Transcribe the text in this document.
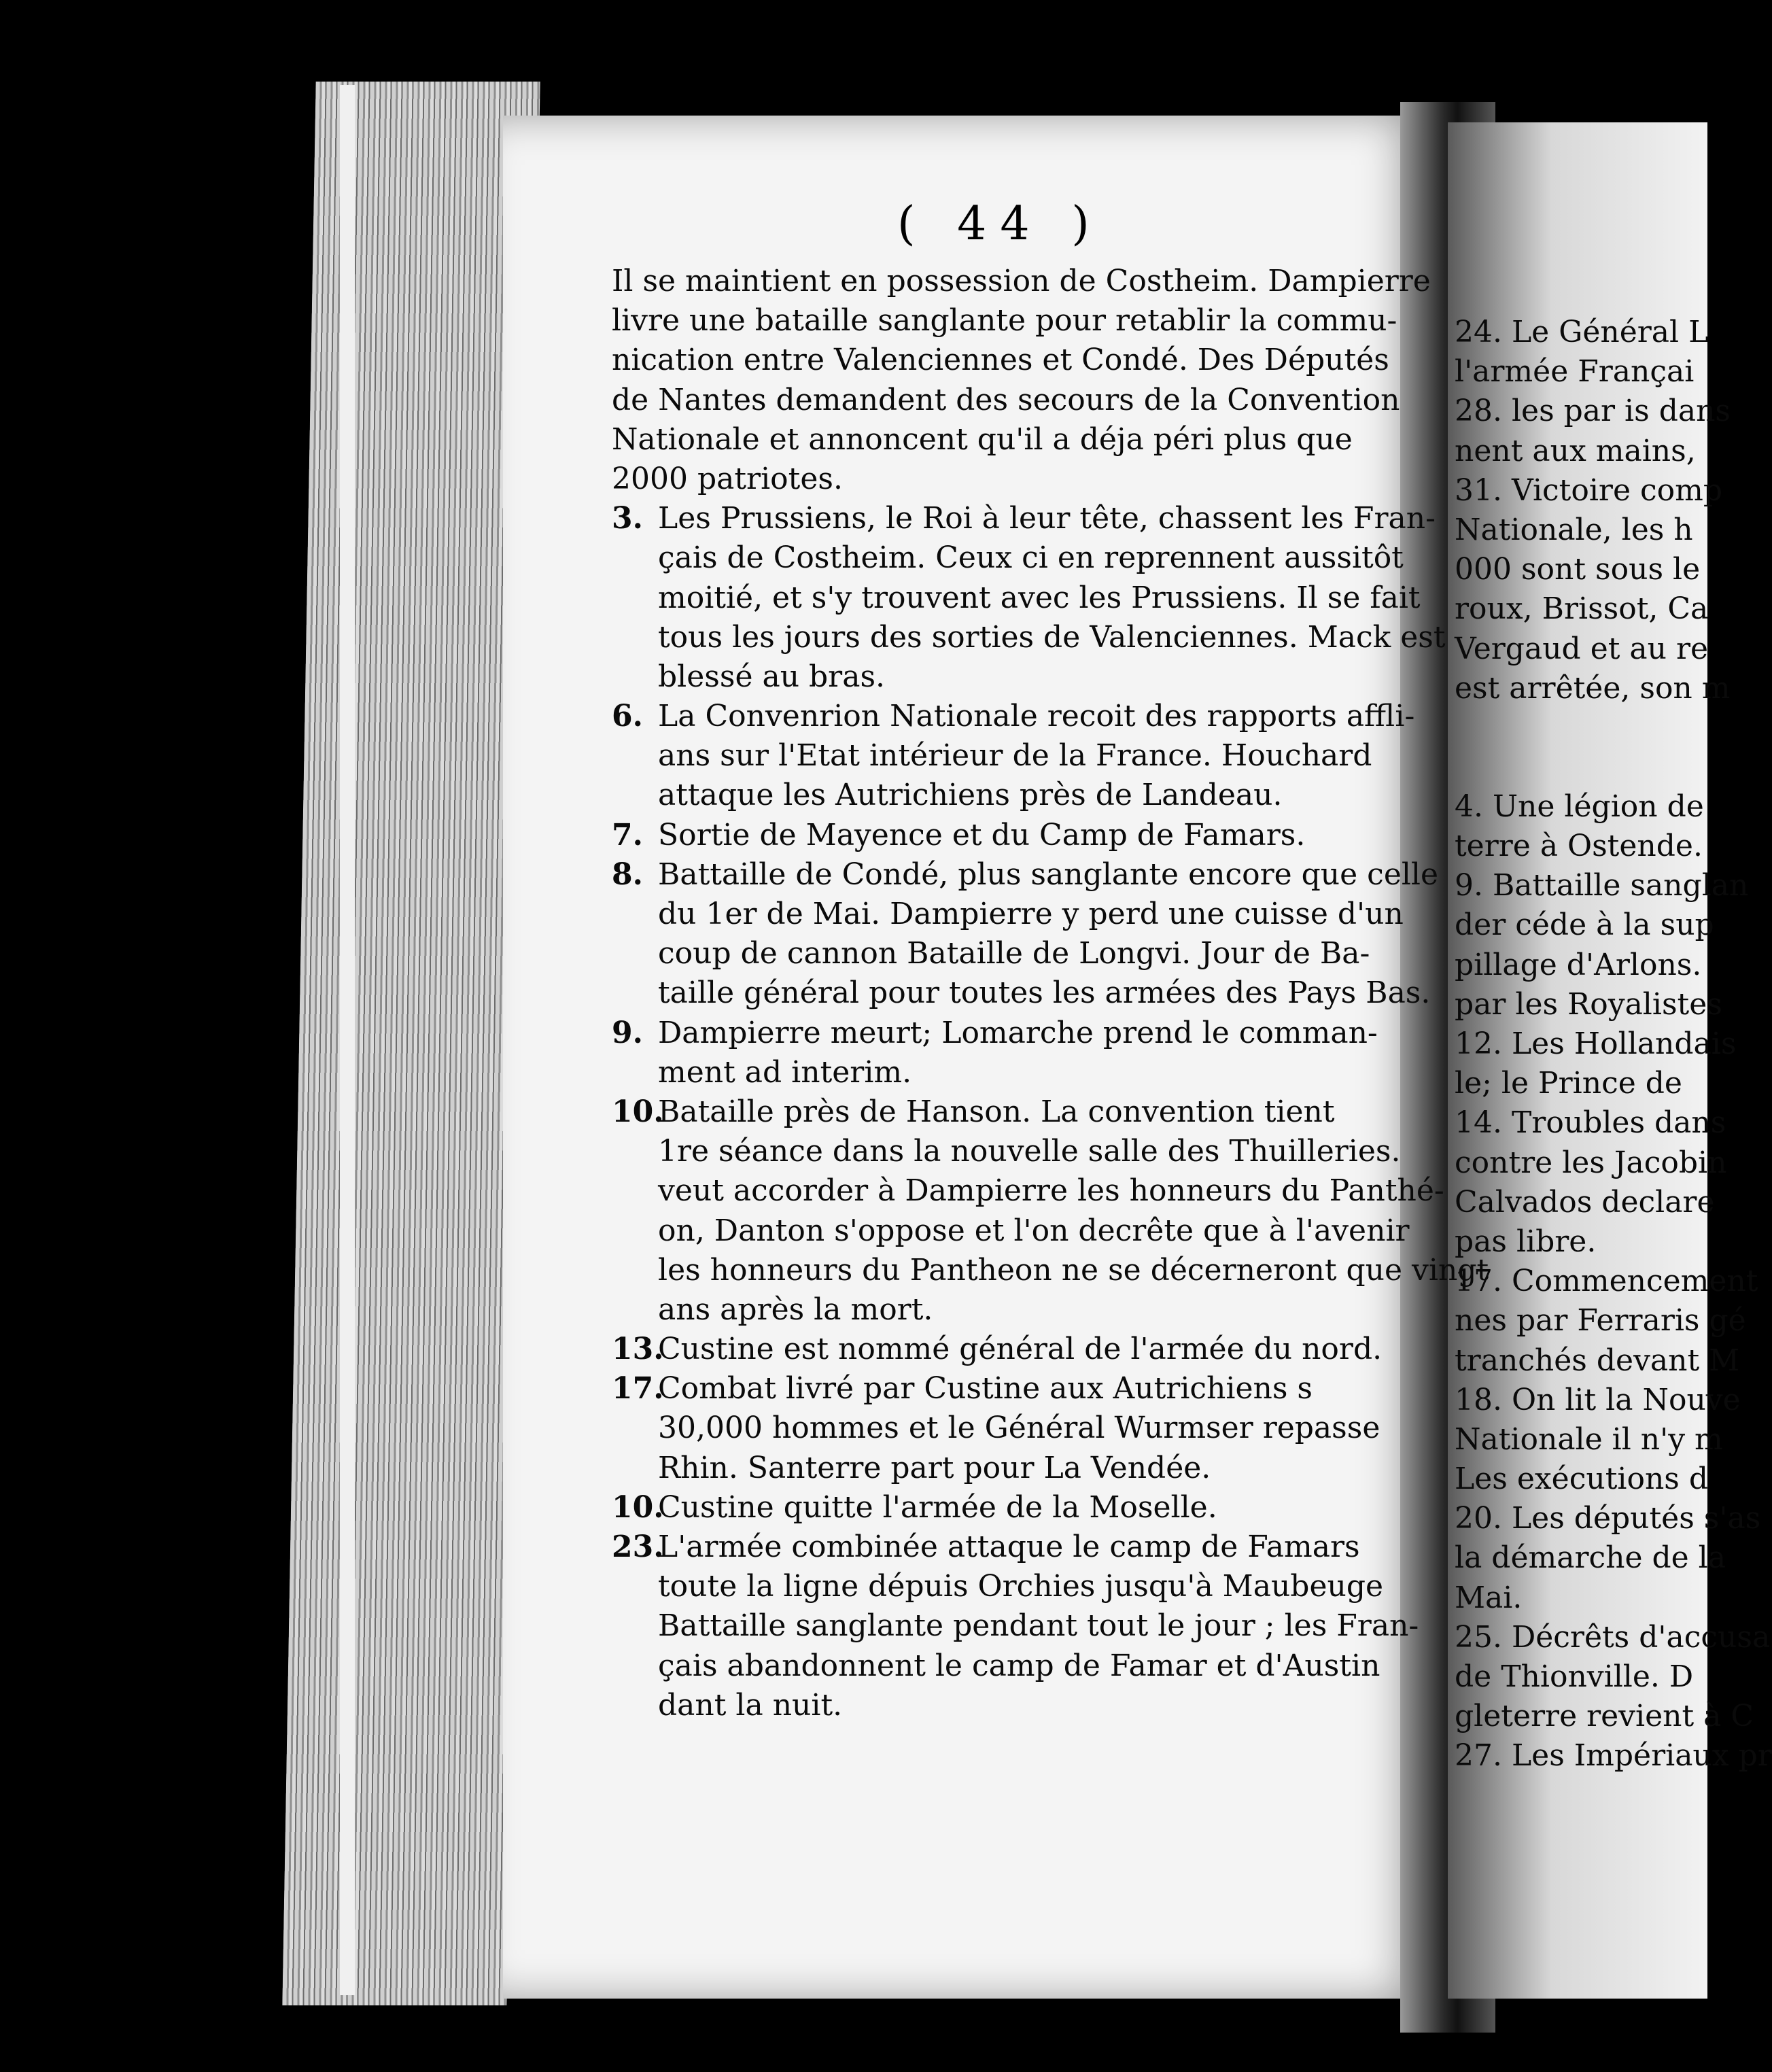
( 44 )
Il se maintient en possession de Costheim. Dampierre
livre une bataille sanglante pour retablir la commu-
nication entre Valenciennes et Condé. Des Députés
de Nantes demandent des secours de la Convention
Nationale et annoncent qu'il a déja péri plus que
2000 patriotes.
3. Les Prussiens, le Roi à leur tête, chassent les Fran-
çais de Costheim. Ceux ci en reprennent aussitôt
moitié, et s'y trouvent avec les Prussiens. Il se fait
tous les jours des sorties de Valenciennes. Mack est
blessé au bras.
6. La Convenrion Nationale recoit des rapports affli-
ans sur l'Etat intérieur de la France. Houchard
attaque les Autrichiens près de Landeau.
7. Sortie de Mayence et du Camp de Famars.
8. Battaille de Condé, plus sanglante encore que celle
du 1er de Mai. Dampierre y perd une cuisse d'un
coup de cannon Bataille de Longvi. Jour de Ba-
taille général pour toutes les armées des Pays Bas.
9. Dampierre meurt; Lomarche prend le comman-
ment ad interim.
10.Bataille près de Hanson. La convention tient
1re séance dans la nouvelle salle des Thuilleries.
veut accorder à Dampierre les honneurs du Panthé-
on, Danton s'oppose et l'on decrête que à l'avenir
les honneurs du Pantheon ne se décerneront que vingt
ans après la mort.
13.Custine est nommé général de l'armée du nord.
17.Combat livré par Custine aux Autrichiens s
30,000 hommes et le Général Wurmser repasse
Rhin. Santerre part pour La Vendée.
10.Custine quitte l'armée de la Moselle.
23.L'armée combinée attaque le camp de Famars
toute la ligne dépuis Orchies jusqu'à Maubeuge
Battaille sanglante pendant tout le jour ; les Fran-
çais abandonnent le camp de Famar et d'Austin
dant la nuit.
24. Le Général L
l'armée Françai
28. les par is dans
nent aux mains,
31. Victoire comp
Nationale, les h
000 sont sous le
roux, Brissot, Ca
Vergaud et au re
est arrêtée, son m
4. Une légion de
terre à Ostende.
9. Battaille sanglan
der céde à la sup
pillage d'Arlons.
par les Royalistes
12. Les Hollandais
le; le Prince de
14. Troubles dans
contre les Jacobin
Calvados declare
pas libre.
17. Commencement
nes par Ferraris gé
tranchés devant M
18. On lit la Nouve
Nationale il n'y m
Les exécutions d
20. Les députés s'as
la démarche de la
Mai.
25. Décrêts d'accusa
de Thionville. D
gleterre revient à C
27. Les Impériaux pr
